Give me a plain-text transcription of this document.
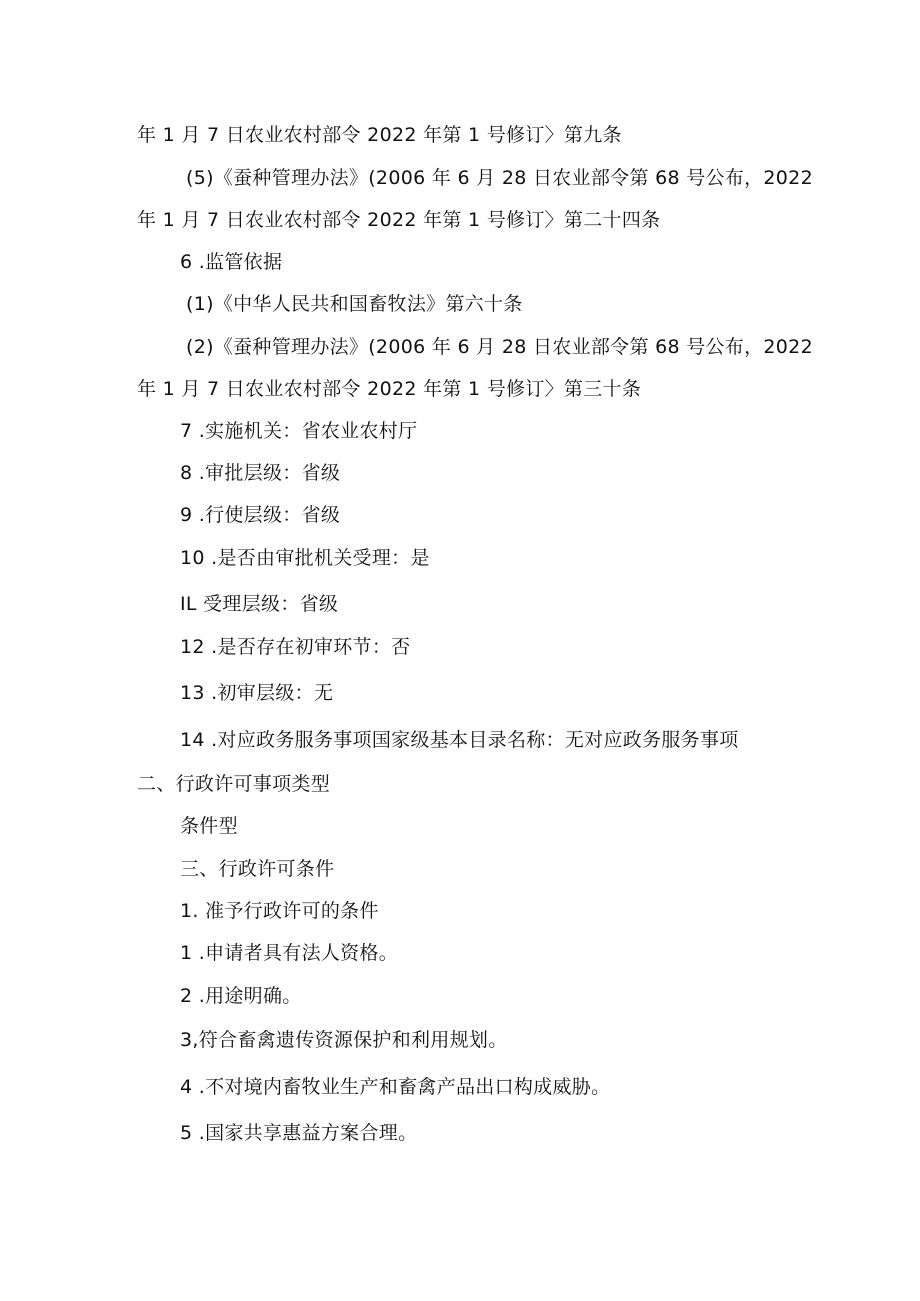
年 1 月 7 日农业农村部令 2022 年第 1 号修订〉第九条
(5)《蚕种管理办法》(2006 年 6 月 28 日农业部令第 68 号公布，2022
年 1 月 7 日农业农村部令 2022 年第 1 号修订〉第二十四条
6 .监管依据
(1)《中华人民共和国畜牧法》第六十条
(2)《蚕种管理办法》(2006 年 6 月 28 日农业部令第 68 号公布，2022
年 1 月 7 日农业农村部令 2022 年第 1 号修订〉第三十条
7 .实施机关：省农业农村厅
8 .审批层级：省级
9 .行使层级：省级
10 .是否由审批机关受理：是
IL 受理层级：省级
12 .是否存在初审环节：否
13 .初审层级：无
14 .对应政务服务事项国家级基本目录名称：无对应政务服务事项
二、行政许可事项类型
条件型
三、行政许可条件
1. 准予行政许可的条件
1 .申请者具有法人资格。
2 .用途明确。
3,符合畜禽遗传资源保护和利用规划。
4 .不对境内畜牧业生产和畜禽产品出口构成威胁。
5 .国家共享惠益方案合理。
